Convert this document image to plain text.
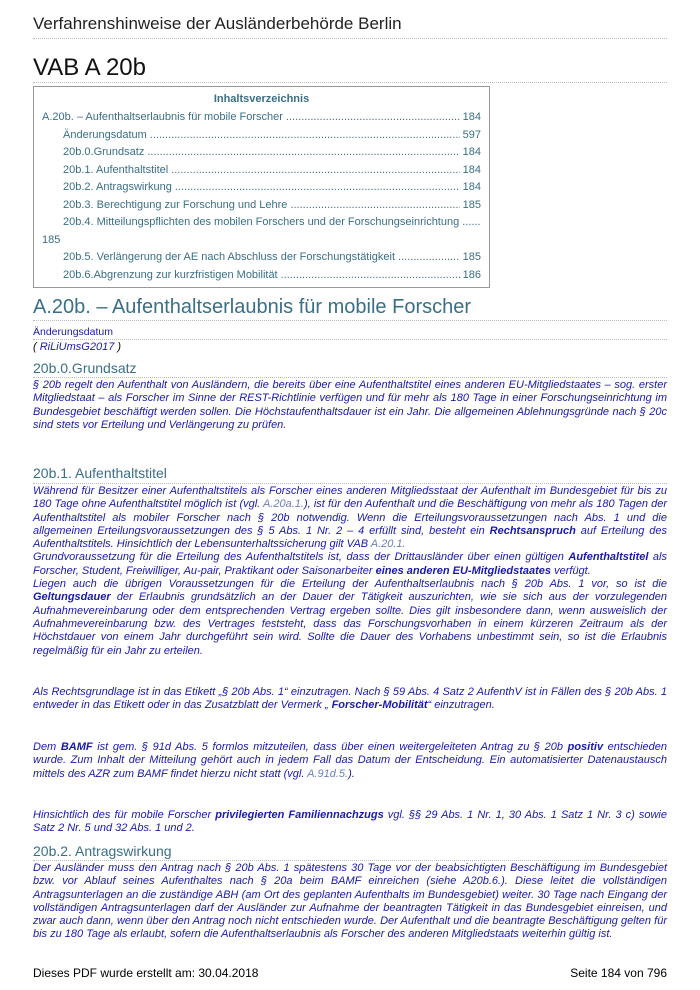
Verfahrenshinweise der Ausländerbehörde Berlin
VAB A 20b
Inhaltsverzeichnis
A.20b. – Aufenthaltserlaubnis für mobile Forscher .....	184
Änderungsdatum .....	597
20b.0.Grundsatz .....	184
20b.1. Aufenthaltstitel .....	184
20b.2. Antragswirkung .....	184
20b.3. Berechtigung zur Forschung und Lehre .....	185
20b.4. Mitteilungspflichten des mobilen Forschers und der Forschungseinrichtung ......
185
20b.5. Verlängerung der AE nach Abschluss der Forschungstätigkeit .....	185
20b.6.Abgrenzung zur kurzfristigen Mobilität .....	186
A.20b. – Aufenthaltserlaubnis für mobile Forscher
Änderungsdatum
( RiLiUmsG2017 )
20b.0.Grundsatz
§ 20b regelt den Aufenthalt von Ausländern, die bereits über eine Aufenthaltstitel eines anderen EU-Mitgliedstaates – sog. erster Mitgliedstaat – als Forscher im Sinne der REST-Richtlinie verfügen und für mehr als 180 Tage in einer Forschungseinrichtung im Bundesgebiet beschäftigt werden sollen. Die Höchstaufenthaltsdauer ist ein Jahr. Die allgemeinen Ablehnungsgründe nach § 20c sind stets vor Erteilung und Verlängerung zu prüfen.
20b.1. Aufenthaltstitel
Während für Besitzer einer Aufenthaltstitels als Forscher eines anderen Mitgliedsstaat der Aufenthalt im Bundesgebiet für bis zu 180 Tage ohne Aufenthaltstitel möglich ist (vgl. A.20a.1.), ist für den Aufenthalt und die Beschäftigung von mehr als 180 Tagen der Aufenthaltstitel als mobiler Forscher nach § 20b notwendig. Wenn die Erteilungsvoraussetzungen nach Abs. 1 und die allgemeinen Erteilungsvoraussetzungen des § 5 Abs. 1 Nr. 2 – 4 erfüllt sind, besteht ein Rechtsanspruch auf Erteilung des Aufenthaltstitels. Hinsichtlich der Lebensunterhaltssicherung gilt VAB A.20.1.
Grundvoraussetzung für die Erteilung des Aufenthaltstitels ist, dass der Drittausländer über einen gültigen Aufenthaltstitel als Forscher, Student, Freiwilliger, Au-pair, Praktikant oder Saisonarbeiter eines anderen EU-Mitgliedstaates verfügt.
Liegen auch die übrigen Voraussetzungen für die Erteilung der Aufenthaltserlaubnis nach § 20b Abs. 1 vor, so ist die Geltungsdauer der Erlaubnis grundsätzlich an der Dauer der Tätigkeit auszurichten, wie sie sich aus der vorzulegenden Aufnahmevereinbarung oder dem entsprechenden Vertrag ergeben sollte. Dies gilt insbesondere dann, wenn ausweislich der Aufnahmevereinbarung bzw. des Vertrages feststeht, dass das Forschungsvorhaben in einem kürzeren Zeitraum als der Höchstdauer von einem Jahr durchgeführt sein wird. Sollte die Dauer des Vorhabens unbestimmt sein, so ist die Erlaubnis regelmäßig für ein Jahr zu erteilen.
Als Rechtsgrundlage ist in das Etikett „§ 20b Abs. 1“ einzutragen. Nach § 59 Abs. 4 Satz 2 AufenthV ist in Fällen des § 20b Abs. 1 entweder in das Etikett oder in das Zusatzblatt der Vermerk „ Forscher-Mobilität“ einzutragen.
Dem BAMF ist gem. § 91d Abs. 5 formlos mitzuteilen, dass über einen weitergeleiteten Antrag zu § 20b positiv entschieden wurde. Zum Inhalt der Mitteilung gehört auch in jedem Fall das Datum der Entscheidung. Ein automatisierter Datenaustausch mittels des AZR zum BAMF findet hierzu nicht statt (vgl. A.91d.5.).
Hinsichtlich des für mobile Forscher privilegierten Familiennachzugs vgl. §§ 29 Abs. 1 Nr. 1, 30 Abs. 1 Satz 1 Nr. 3 c) sowie Satz 2 Nr. 5 und 32 Abs. 1 und 2.
20b.2. Antragswirkung
Der Ausländer muss den Antrag nach § 20b Abs. 1 spätestens 30 Tage vor der beabsichtigten Beschäftigung im Bundesgebiet bzw. vor Ablauf seines Aufenthaltes nach § 20a beim BAMF einreichen (siehe A20b.6.). Diese leitet die vollständigen Antragsunterlagen an die zuständige ABH (am Ort des geplanten Aufenthalts im Bundesgebiet) weiter. 30 Tage nach Eingang der vollständigen Antragsunterlagen darf der Ausländer zur Aufnahme der beantragten Tätigkeit in das Bundesgebiet einreisen, und zwar auch dann, wenn über den Antrag noch nicht entschieden wurde. Der Aufenthalt und die beantragte Beschäftigung gelten für bis zu 180 Tage als erlaubt, sofern die Aufenthaltserlaubnis als Forscher des anderen Mitgliedstaats weiterhin gültig ist.
Dieses PDF wurde erstellt am: 30.04.2018	Seite 184 von 796
